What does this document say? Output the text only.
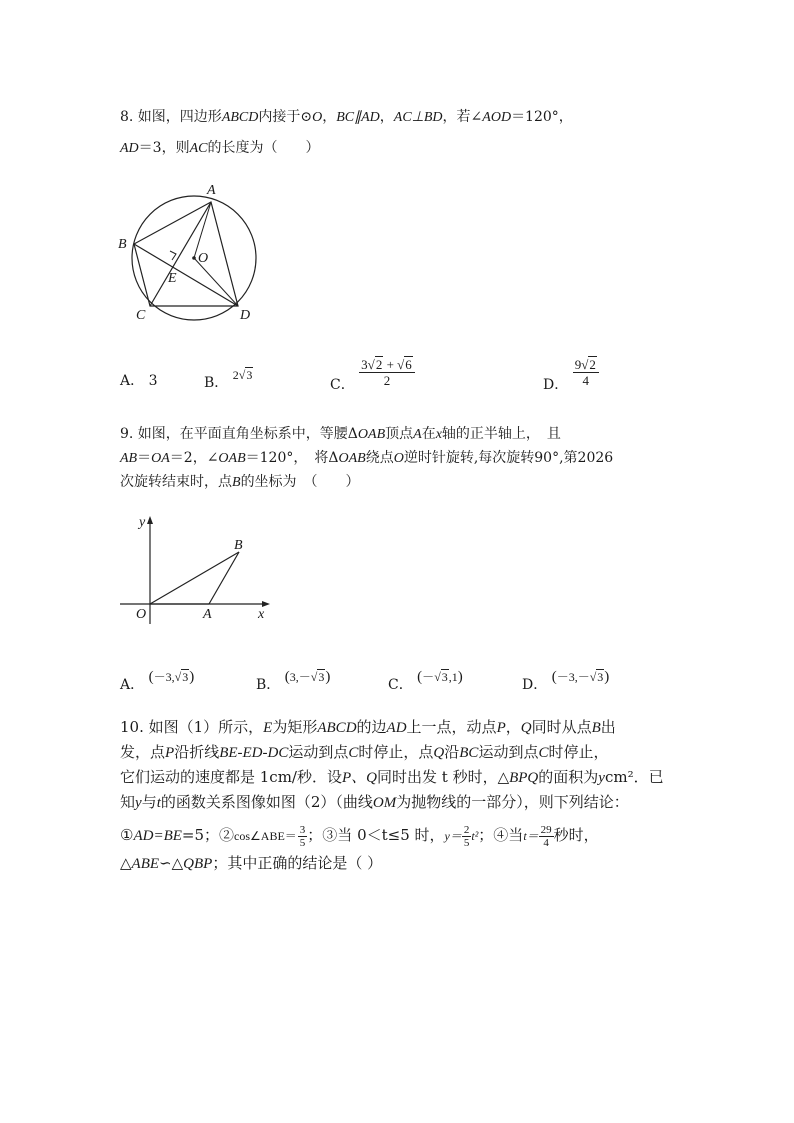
8. 如图，四边形ABCD内接于⊙O，BC∥AD，AC⊥BD，若∠AOD＝120°，
AD＝3，则AC的长度为（　　）
A
B
C	D
E
O
A． 3	B． 2√3
C． $\frac{3√2 + √6}{2}$	D． $\frac{9√2}{4}$
9. 如图，在平面直角坐标系中，等腰ΔOAB顶点A在x轴的正半轴上，　且
AB＝OA＝2，∠OAB＝120°，　将ΔOAB绕点O逆时针旋转,每次旋转90°,第2026
次旋转结束时，点B的坐标为　（　　）
y
x
O	A
B
A． (－3,√3)	B． (3,－√3)	C． (－√3,1)	D． (－3,－√3)
10. 如图（1）所示，E为矩形ABCD的边AD上一点，动点P，Q同时从点B出
发，点P沿折线BE-ED-DC运动到点C时停止，点Q沿BC运动到点C时停止，
它们运动的速度都是 1cm/秒．设P、Q同时出发 t 秒时，△BPQ的面积为ycm²．已
知y与t的函数关系图像如图（2）（曲线OM为抛物线的一部分），则下列结论：
①AD=BE=5；②cos∠ABE＝ $\frac{3}{5}$ ；③当 0＜t≤5 时，$y= \frac{2}{5} t^2$；④当$t= \frac{29}{4}$ 秒时，
△ABE∽△QBP；其中正确的结论是（ ）
